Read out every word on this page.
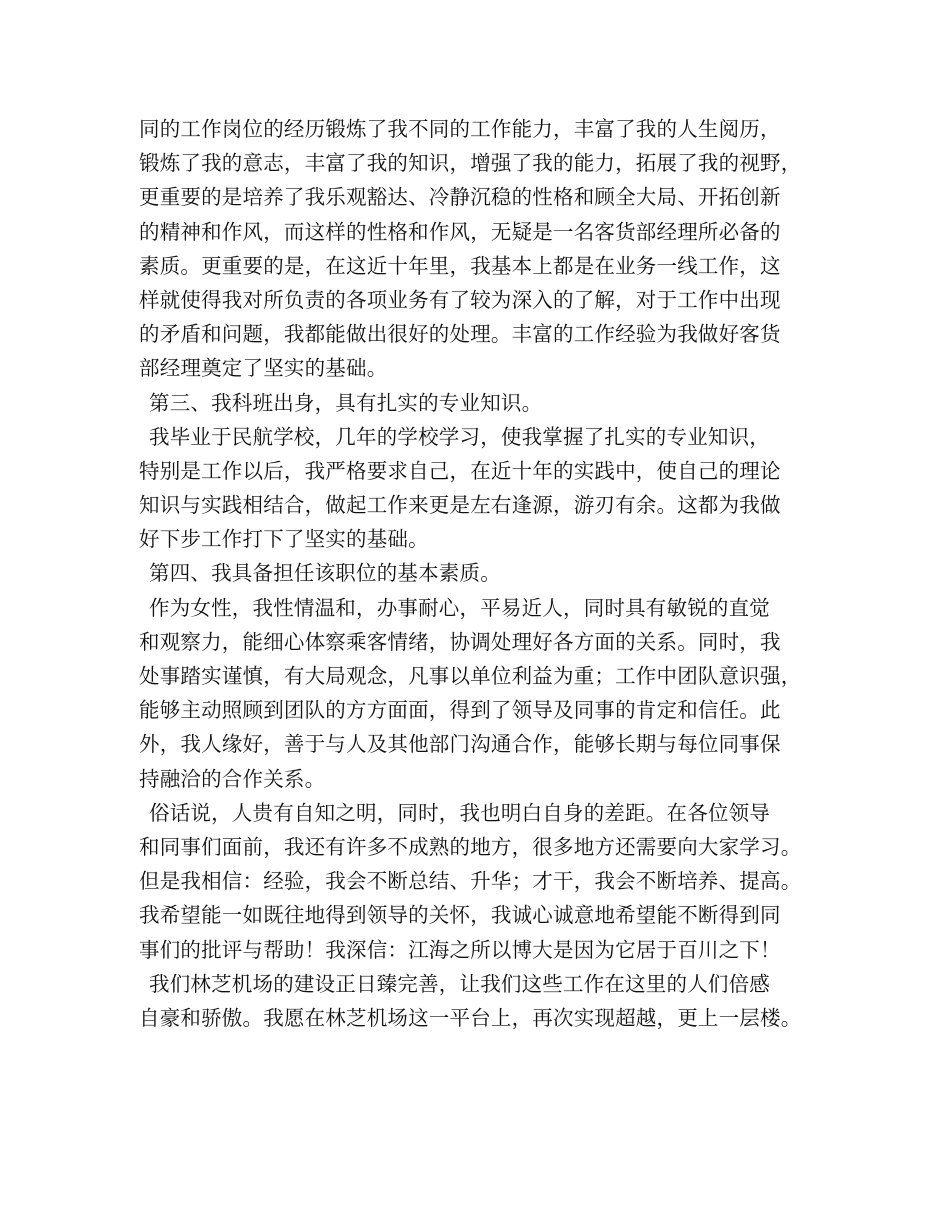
同的工作岗位的经历锻炼了我不同的工作能力，丰富了我的人生阅历，
锻炼了我的意志，丰富了我的知识，增强了我的能力，拓展了我的视野，
更重要的是培养了我乐观豁达、冷静沉稳的性格和顾全大局、开拓创新
的精神和作风，而这样的性格和作风，无疑是一名客货部经理所必备的
素质。更重要的是，在这近十年里，我基本上都是在业务一线工作，这
样就使得我对所负责的各项业务有了较为深入的了解，对于工作中出现
的矛盾和问题，我都能做出很好的处理。丰富的工作经验为我做好客货
部经理奠定了坚实的基础。
第三、我科班出身，具有扎实的专业知识。
我毕业于民航学校，几年的学校学习，使我掌握了扎实的专业知识，
特别是工作以后，我严格要求自己，在近十年的实践中，使自己的理论
知识与实践相结合，做起工作来更是左右逢源，游刃有余。这都为我做
好下步工作打下了坚实的基础。
第四、我具备担任该职位的基本素质。
作为女性，我性情温和，办事耐心，平易近人，同时具有敏锐的直觉
和观察力，能细心体察乘客情绪，协调处理好各方面的关系。同时，我
处事踏实谨慎，有大局观念，凡事以单位利益为重；工作中团队意识强，
能够主动照顾到团队的方方面面，得到了领导及同事的肯定和信任。此
外，我人缘好，善于与人及其他部门沟通合作，能够长期与每位同事保
持融洽的合作关系。
俗话说，人贵有自知之明，同时，我也明白自身的差距。在各位领导
和同事们面前，我还有许多不成熟的地方，很多地方还需要向大家学习。
但是我相信：经验，我会不断总结、升华；才干，我会不断培养、提高。
我希望能一如既往地得到领导的关怀，我诚心诚意地希望能不断得到同
事们的批评与帮助！我深信：江海之所以博大是因为它居于百川之下！
我们林芝机场的建设正日臻完善，让我们这些工作在这里的人们倍感
自豪和骄傲。我愿在林芝机场这一平台上，再次实现超越，更上一层楼。
